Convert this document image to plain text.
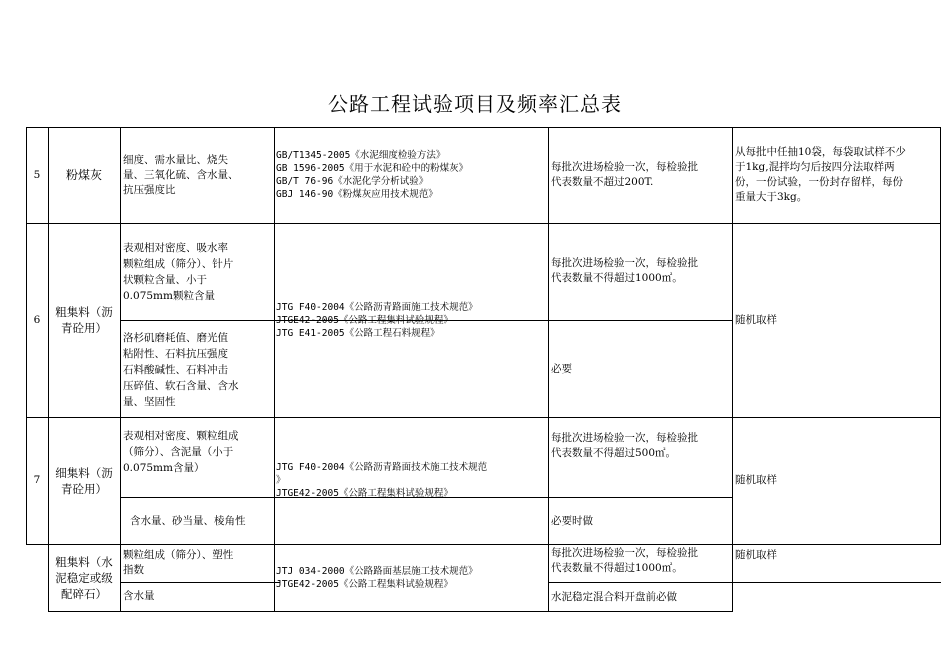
公路工程试验项目及频率汇总表
5 粉煤灰
细度、需水量比、烧失
量、三氧化硫、含水量、
抗压强度比
GB/T1345-2005《水泥细度检验方法》
GB 1596-2005《用于水泥和砼中的粉煤灰》
GB/T 76-96《水泥化学分析试验》
GBJ 146-90《粉煤灰应用技术规范》
每批次进场检验一次，每检验批
代表数量不超过200T.
从每批中任抽10袋，每袋取试样不少
于1kg,混拌均匀后按四分法取样两
份，一份试验，一份封存留样，每份
重量大于3kg。
6
粗集料（沥
青砼用）
表观相对密度、吸水率
颗粒组成（筛分）、针片
状颗粒含量、小于
0.075mm颗粒含量
洛杉矶磨耗值、磨光值
粘附性、石料抗压强度
石料酸碱性、石料冲击
压碎值、软石含量、含水
量、坚固性
JTG F40-2004《公路沥青路面施工技术规范》
JTGE42-2005《公路工程集料试验规程》
JTG E41-2005《公路工程石料规程》
每批次进场检验一次，每检验批
代表数量不得超过1000㎡。
必要
随机取样
7
细集料（沥
青砼用）
表观相对密度、颗粒组成
（筛分）、含泥量（小于
0.075mm含量）
含水量、砂当量、棱角性
JTG F40-2004《公路沥青路面技术施工技术规范
》
JTGE42-2005《公路工程集料试验规程》
每批次进场检验一次，每检验批
代表数量不得超过500㎡。
必要时做
随机取样
粗集料（水
泥稳定或级
配碎石）
颗粒组成（筛分）、塑性
指数
含水量
JTJ 034-2000《公路路面基层施工技术规范》
JTGE42-2005《公路工程集料试验规程》
每批次进场检验一次，每检验批
代表数量不得超过1000㎡。
水泥稳定混合料开盘前必做
随机取样
